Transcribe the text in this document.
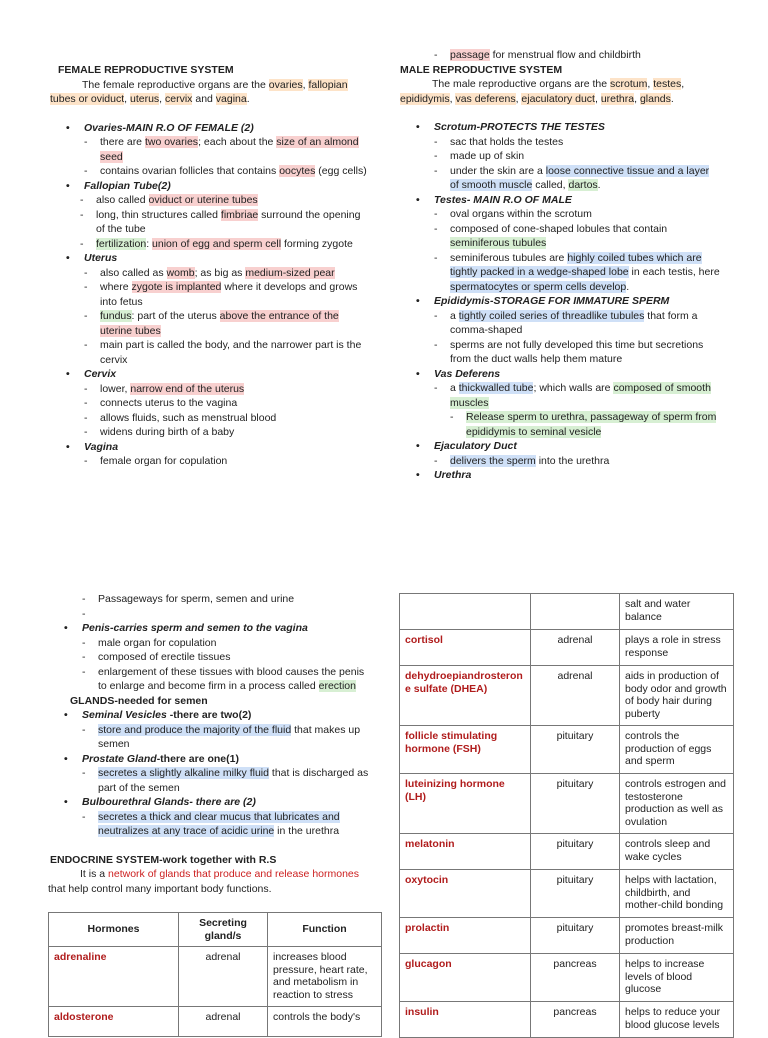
FEMALE REPRODUCTIVE SYSTEM

The female reproductive organs are the ovaries, fallopian tubes or oviduct, uterus, cervix and vagina.

• Ovaries-MAIN R.O OF FEMALE (2)
- there are two ovaries; each about the size of an almond seed
- contains ovarian follicles that contains oocytes (egg cells)
• Fallopian Tube(2)
- also called oviduct or uterine tubes
- long, thin structures called fimbriae surround the opening of the tube
- fertilization: union of egg and sperm cell forming zygote
• Uterus
- also called as womb; as big as medium-sized pear
- where zygote is implanted where it develops and grows into fetus
- fundus: part of the uterus above the entrance of the uterine tubes
- main part is called the body, and the narrower part is the cervix
• Cervix
- lower, narrow end of the uterus
- connects uterus to the vagina
- allows fluids, such as menstrual blood
- widens during birth of a baby
• Vagina
- female organ for copulation
- passage for menstrual flow and childbirth

MALE REPRODUCTIVE SYSTEM

The male reproductive organs are the scrotum, testes, epididymis, vas deferens, ejaculatory duct, urethra, glands.

• Scrotum-PROTECTS THE TESTES
- sac that holds the testes
- made up of skin
- under the skin are a loose connective tissue and a layer of smooth muscle called, dartos.
• Testes- MAIN R.O OF MALE
- oval organs within the scrotum
- composed of cone-shaped lobules that contain seminiferous tubules
- seminiferous tubules are highly coiled tubes which are tightly packed in a wedge-shaped lobe in each testis, here spermatocytes or sperm cells develop.
• Epididymis-STORAGE FOR IMMATURE SPERM
- a tightly coiled series of threadlike tubules that form a comma-shaped
- sperms are not fully developed this time but secretions from the duct walls help them mature
• Vas Deferens
- a thickwalled tube; which walls are composed of smooth muscles
- Release sperm to urethra, passageway of sperm from epididymis to seminal vesicle
• Ejaculatory Duct
- delivers the sperm into the urethra
• Urethra
- Passageways for sperm, semen and urine
-
• Penis-carries sperm and semen to the vagina
- male organ for copulation
- composed of erectile tissues
- enlargement of these tissues with blood causes the penis to enlarge and become firm in a process called erection

GLANDS-needed for semen

• Seminal Vesicles -there are two(2)
- store and produce the majority of the fluid that makes up semen
• Prostate Gland-there are one(1)
- secretes a slightly alkaline milky fluid that is discharged as part of the semen
• Bulbourethral Glands- there are (2)
- secretes a thick and clear mucus that lubricates and neutralizes at any trace of acidic urine in the urethra

ENDOCRINE SYSTEM-work together with R.S

It is a network of glands that produce and release hormones that help control many important body functions.

Hormones	Secreting gland/s	Function
adrenaline	adrenal	increases blood pressure, heart rate, and metabolism in reaction to stress
aldosterone	adrenal	controls the body's
		salt and water balance
cortisol	adrenal	plays a role in stress response
dehydroepiandrosterone sulfate (DHEA)	adrenal	aids in production of body odor and growth of body hair during puberty
follicle stimulating hormone (FSH)	pituitary	controls the production of eggs and sperm
luteinizing hormone (LH)	pituitary	controls estrogen and testosterone production as well as ovulation
melatonin	pituitary	controls sleep and wake cycles
oxytocin	pituitary	helps with lactation, childbirth, and mother-child bonding
prolactin	pituitary	promotes breast-milk production
glucagon	pancreas	helps to increase levels of blood glucose
insulin	pancreas	helps to reduce your blood glucose levels
